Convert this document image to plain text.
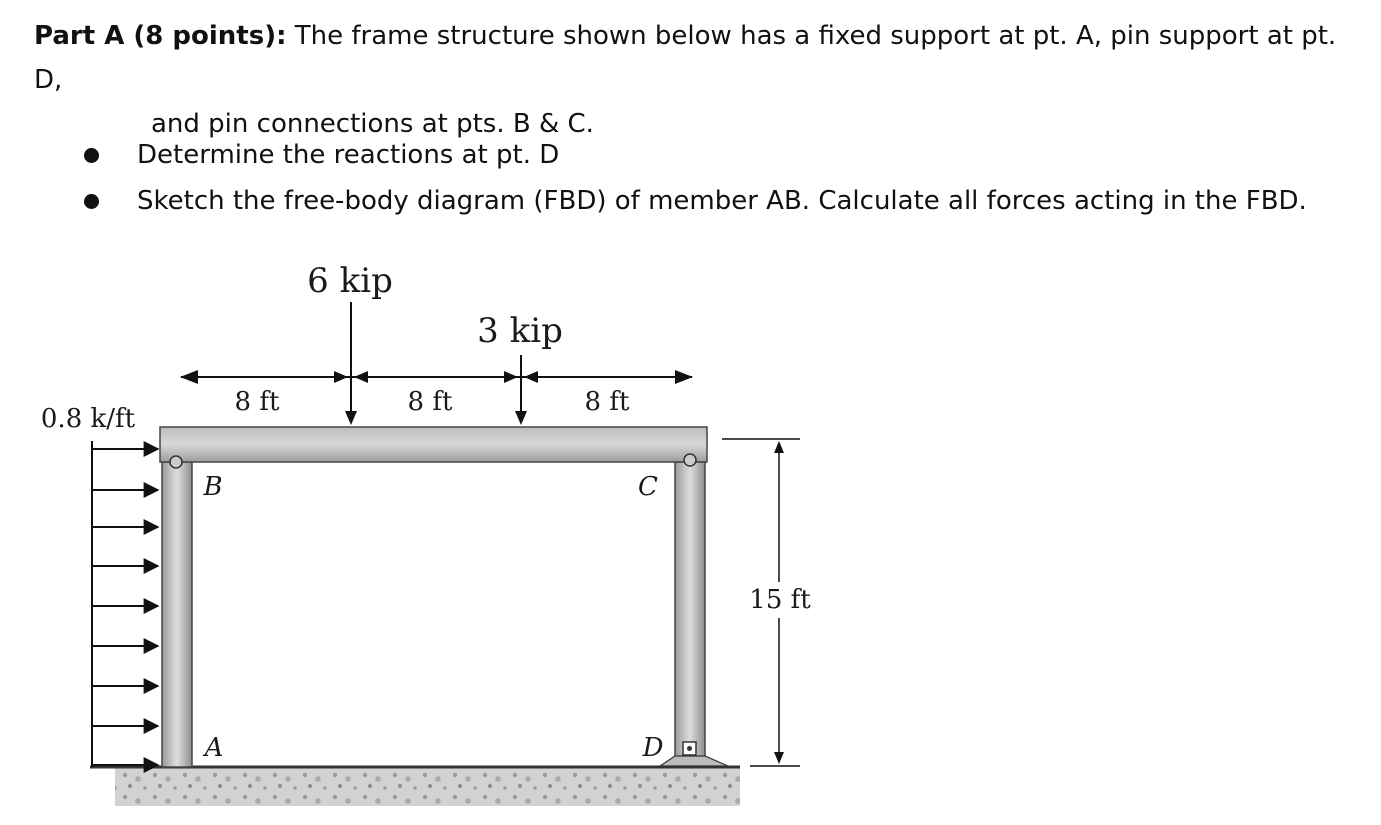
Part A (8 points): The frame structure shown below has a fixed support at pt. A, pin support at pt. D,
and pin connections at pts. B & C.
Determine the reactions at pt. D
Sketch the free-body diagram (FBD) of member AB. Calculate all forces acting in the FBD.
6 kip
3 kip
0.8 k/ft
8 ft	8 ft	8 ft
15 ft
B	C
A	D
